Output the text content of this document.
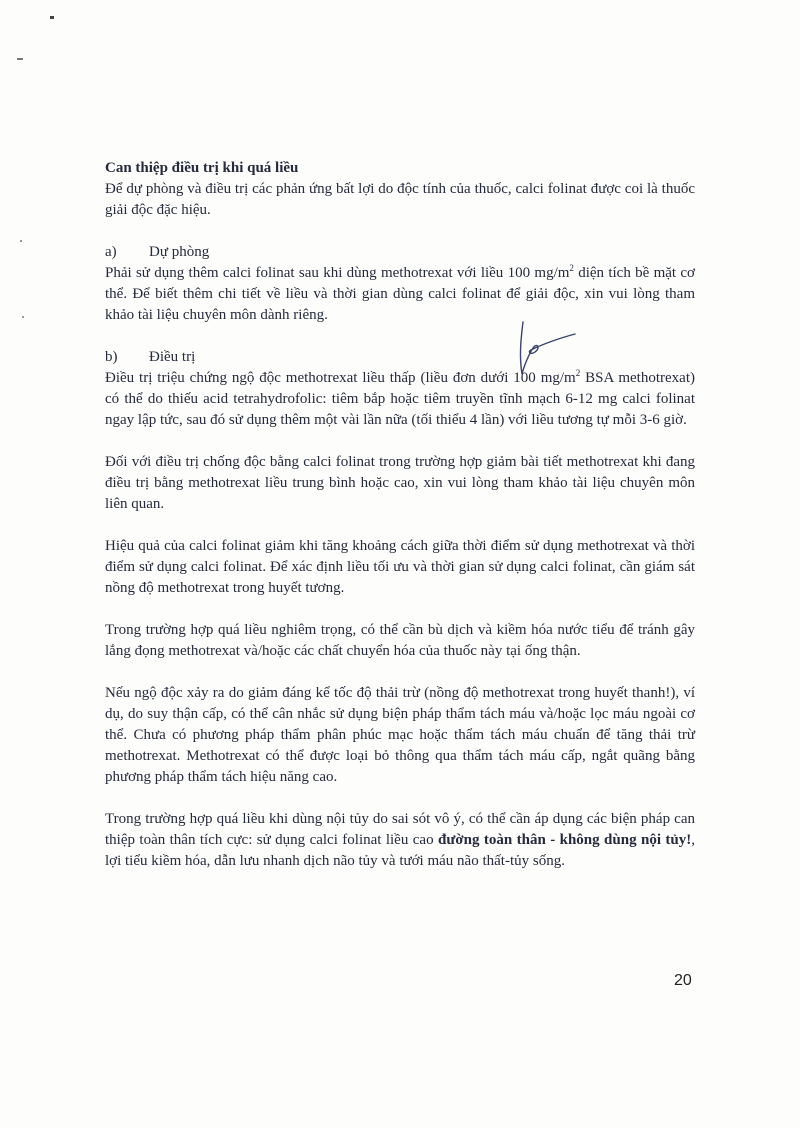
Can thiệp điều trị khi quá liều

Để dự phòng và điều trị các phản ứng bất lợi do độc tính của thuốc, calci folinat được coi là thuốc giải độc đặc hiệu.

a)	Dự phòng

Phải sử dụng thêm calci folinat sau khi dùng methotrexat với liều 100 $mg/m^2$ diện tích bề mặt cơ thể. Để biết thêm chi tiết về liều và thời gian dùng calci folinat để giải độc, xin vui lòng tham khảo tài liệu chuyên môn dành riêng.

b)	Điều trị

Điều trị triệu chứng ngộ độc methotrexat liều thấp (liều đơn dưới 100 $mg/m^2$ BSA methotrexat) có thể do thiếu acid tetrahydrofolic: tiêm bắp hoặc tiêm truyền tĩnh mạch 6-12 mg calci folinat ngay lập tức, sau đó sử dụng thêm một vài lần nữa (tối thiểu 4 lần) với liều tương tự mỗi 3-6 giờ.

Đối với điều trị chống độc bằng calci folinat trong trường hợp giảm bài tiết methotrexat khi đang điều trị bằng methotrexat liều trung bình hoặc cao, xin vui lòng tham khảo tài liệu chuyên môn liên quan.

Hiệu quả của calci folinat giảm khi tăng khoảng cách giữa thời điểm sử dụng methotrexat và thời điểm sử dụng calci folinat. Để xác định liều tối ưu và thời gian sử dụng calci folinat, cần giám sát nồng độ methotrexat trong huyết tương.

Trong trường hợp quá liều nghiêm trọng, có thể cần bù dịch và kiềm hóa nước tiểu để tránh gây lắng đọng methotrexat và/hoặc các chất chuyển hóa của thuốc này tại ống thận.

Nếu ngộ độc xảy ra do giảm đáng kể tốc độ thải trừ (nồng độ methotrexat trong huyết thanh!), ví dụ, do suy thận cấp, có thể cân nhắc sử dụng biện pháp thẩm tách máu và/hoặc lọc máu ngoài cơ thể. Chưa có phương pháp thẩm phân phúc mạc hoặc thẩm tách máu chuẩn để tăng thải trừ methotrexat. Methotrexat có thể được loại bỏ thông qua thẩm tách máu cấp, ngắt quãng bằng phương pháp thẩm tách hiệu năng cao.

Trong trường hợp quá liều khi dùng nội tủy do sai sót vô ý, có thể cần áp dụng các biện pháp can thiệp toàn thân tích cực: sử dụng calci folinat liều cao đường toàn thân - không dùng nội tủy!, lợi tiểu kiềm hóa, dẫn lưu nhanh dịch não tủy và tưới máu não thất-tủy sống.

20
